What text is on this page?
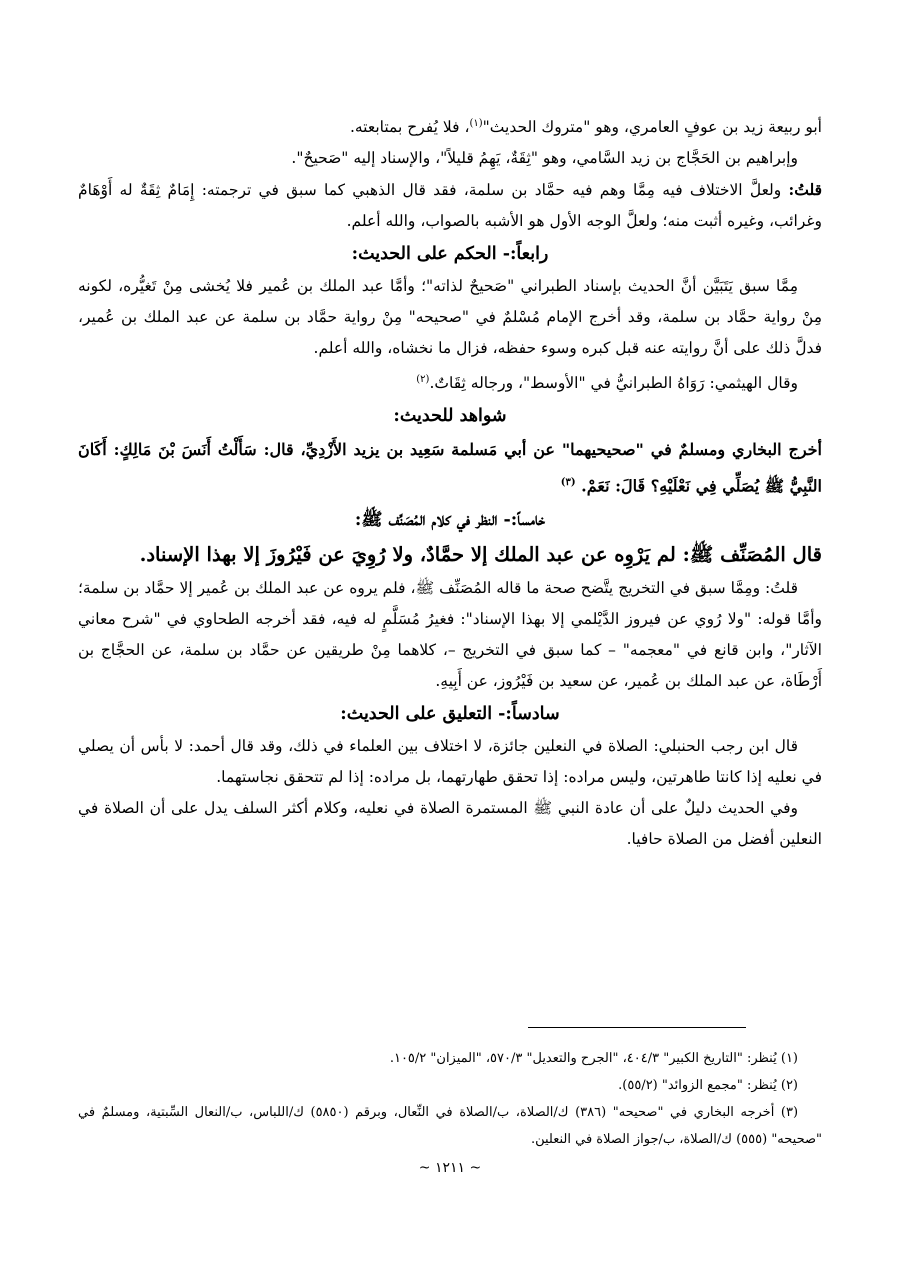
أبو ربيعة زيد بن عوفٍ العامري، وهو "متروك الحديث"$^{(١)}$، فلا يُفرح بمتابعته.

وإبراهيم بن الحَجَّاج بن زيد السَّامي، وهو "ثِقَةٌ، يَهِمُ قليلاً"، والإسناد إليه "صَحيحٌ".

قلتُ: ولعلَّ الاختلاف فيه مِمَّا وهم فيه حمَّاد بن سلمة، فقد قال الذهبي كما سبق في ترجمته: إِمَامٌ ثِقَةٌ له أَوْهَامٌ وغرائب، وغيره أثبت منه؛ ولعلَّ الوجه الأول هو الأشبه بالصواب، والله أعلم.

رابعاً:- الحكم على الحديث:

مِمَّا سبق يَتَبَيَّن أنَّ الحديث بإسناد الطبراني "صَحيحٌ لذاته"؛ وأمَّا عبد الملك بن عُمير فلا يُخشى مِنْ تَغيُّره، لكونه مِنْ رواية حمَّاد بن سلمة، وقد أخرج الإمام مُسْلمٌ في "صحيحه" مِنْ رواية حمَّاد بن سلمة عن عبد الملك بن عُمير، فدلَّ ذلك على أنَّ روايته عنه قبل كبره وسوء حفظه، فزال ما نخشاه، والله أعلم.

وقال الهيثمي: رَوَاهُ الطبرانيُّ في "الأوسط"، ورجاله ثِقَاتٌ.$^{(٢)}$

شواهد للحديث:

أخرج البخاري ومسلمٌ في "صحيحيهما" عن أبي مَسلمة سَعِيد بن يزيد الأَزْدِيِّ، قال: سَأَلْتُ أَنَسَ بْنَ مَالِكٍ: أَكَانَ النَّبِيُّ ﷺ يُصَلِّي فِي نَعْلَيْهِ؟ قَالَ: نَعَمْ. $^{(٣)}$

خامساً:- النظر في كلام المُصَنِّف ﷺ:

قال المُصَنِّف ﷺ: لم يَرْوِه عن عبد الملك إلا حمَّادٌ، ولا رُوِيَ عن فَيْرُوزَ إلا بهذا الإسناد.

قلتُ: ومِمَّا سبق في التخريج يتَّضح صحة ما قاله المُصَنِّف ﷺ، فلم يروه عن عبد الملك بن عُمير إلا حمَّاد بن سلمة؛ وأمَّا قوله: "ولا رُوي عن فيروز الدَّيْلمي إلا بهذا الإسناد": فغيرُ مُسَلَّمٍ له فيه، فقد أخرجه الطحاوي في "شرح معاني الآثار"، وابن قانع في "معجمه" – كما سبق في التخريج –، كلاهما مِنْ طريقين عن حمَّاد بن سلمة، عن الحجَّاج بن أَرْطَاة، عن عبد الملك بن عُمير، عن سعيد بن فَيْرُوز، عن أَبِيهِ.

سادساً:- التعليق على الحديث:

قال ابن رجب الحنبلي: الصلاة في النعلين جائزة، لا اختلاف بين العلماء في ذلك، وقد قال أحمد: لا بأس أن يصلي في نعليه إذا كانتا طاهرتين، وليس مراده: إذا تحقق طهارتهما، بل مراده: إذا لم تتحقق نجاستهما.

وفي الحديث دليلٌ على أن عادة النبي ﷺ المستمرة الصلاة في نعليه، وكلام أكثر السلف يدل على أن الصلاة في النعلين أفضل من الصلاة حافيا.

(١) يُنظر: "التاريخ الكبير" ٤٠٤/٣، "الجرح والتعديل" ٥٧٠/٣، "الميزان" ١٠٥/٢.

(٢) يُنظر: "مجمع الزوائد" (٥٥/٢).

(٣) أخرجه البخاري في "صحيحه" (٣٨٦) ك/الصلاة، ب/الصلاة في النِّعال، وبرقم (٥٨٥٠) ك/اللباس، ب/النعال السِّبتية، ومسلمٌ في "صحيحه" (٥٥٥) ك/الصلاة، ب/جواز الصلاة في النعلين.

~ ١٢١١ ~
